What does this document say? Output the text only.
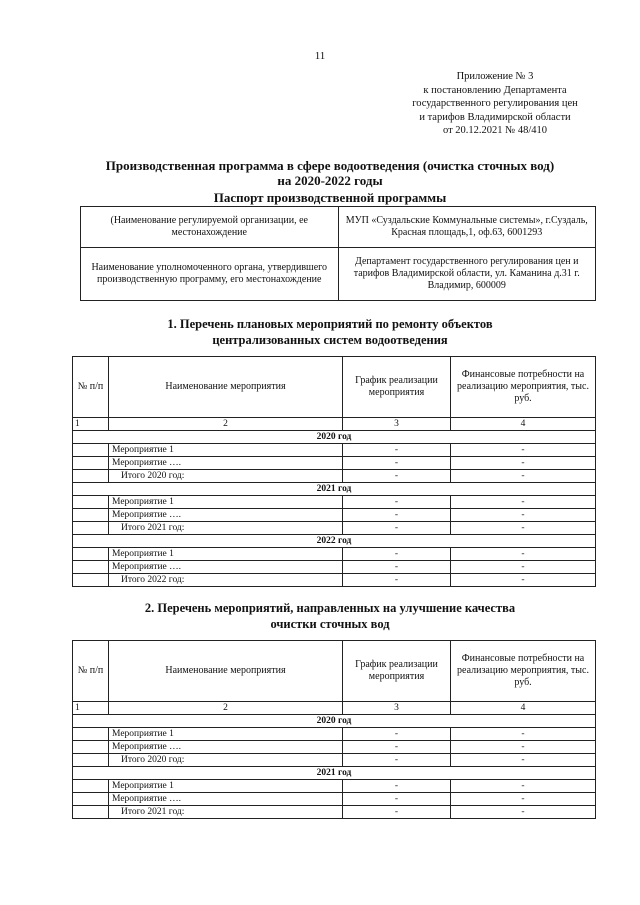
11
Приложение № 3
к постановлению Департамента
государственного регулирования цен
и тарифов Владимирской области
от 20.12.2021 № 48/410
Производственная программа в сфере водоотведения (очистка сточных вод)
на 2020-2022 годы
Паспорт производственной программы
(Наименование регулируемой организации, ее местонахождение	МУП «Суздальские Коммунальные системы», г.Суздаль, Красная площадь,1, оф.63, 6001293
Наименование уполномоченного органа, утвердившего производственную программу, его местонахождение	Департамент государственного регулирования цен и тарифов Владимирской области, ул. Каманина д.31 г. Владимир, 600009
1. Перечень плановых мероприятий по ремонту объектов
централизованных систем водоотведения
№ п/п	Наименование мероприятия	График реализации мероприятия	Финансовые потребности на реализацию мероприятия, тыс. руб.
1	2	3	4
2020 год			
	Мероприятие 1	-	-
	Мероприятие ….	-	-
	Итого 2020 год:	-	-
2021 год			
	Мероприятие 1	-	-
	Мероприятие ….	-	-
	Итого 2021 год:	-	-
2022 год			
	Мероприятие 1	-	-
	Мероприятие ….	-	-
	Итого 2022 год:	-	-
2. Перечень мероприятий, направленных на улучшение качества
очистки сточных вод
№ п/п	Наименование мероприятия	График реализации мероприятия	Финансовые потребности на реализацию мероприятия, тыс. руб.
1	2	3	4
2020 год			
	Мероприятие 1	-	-
	Мероприятие ….	-	-
	Итого 2020 год:	-	-
2021 год			
	Мероприятие 1	-	-
	Мероприятие ….	-	-
	Итого 2021 год:	-	-
